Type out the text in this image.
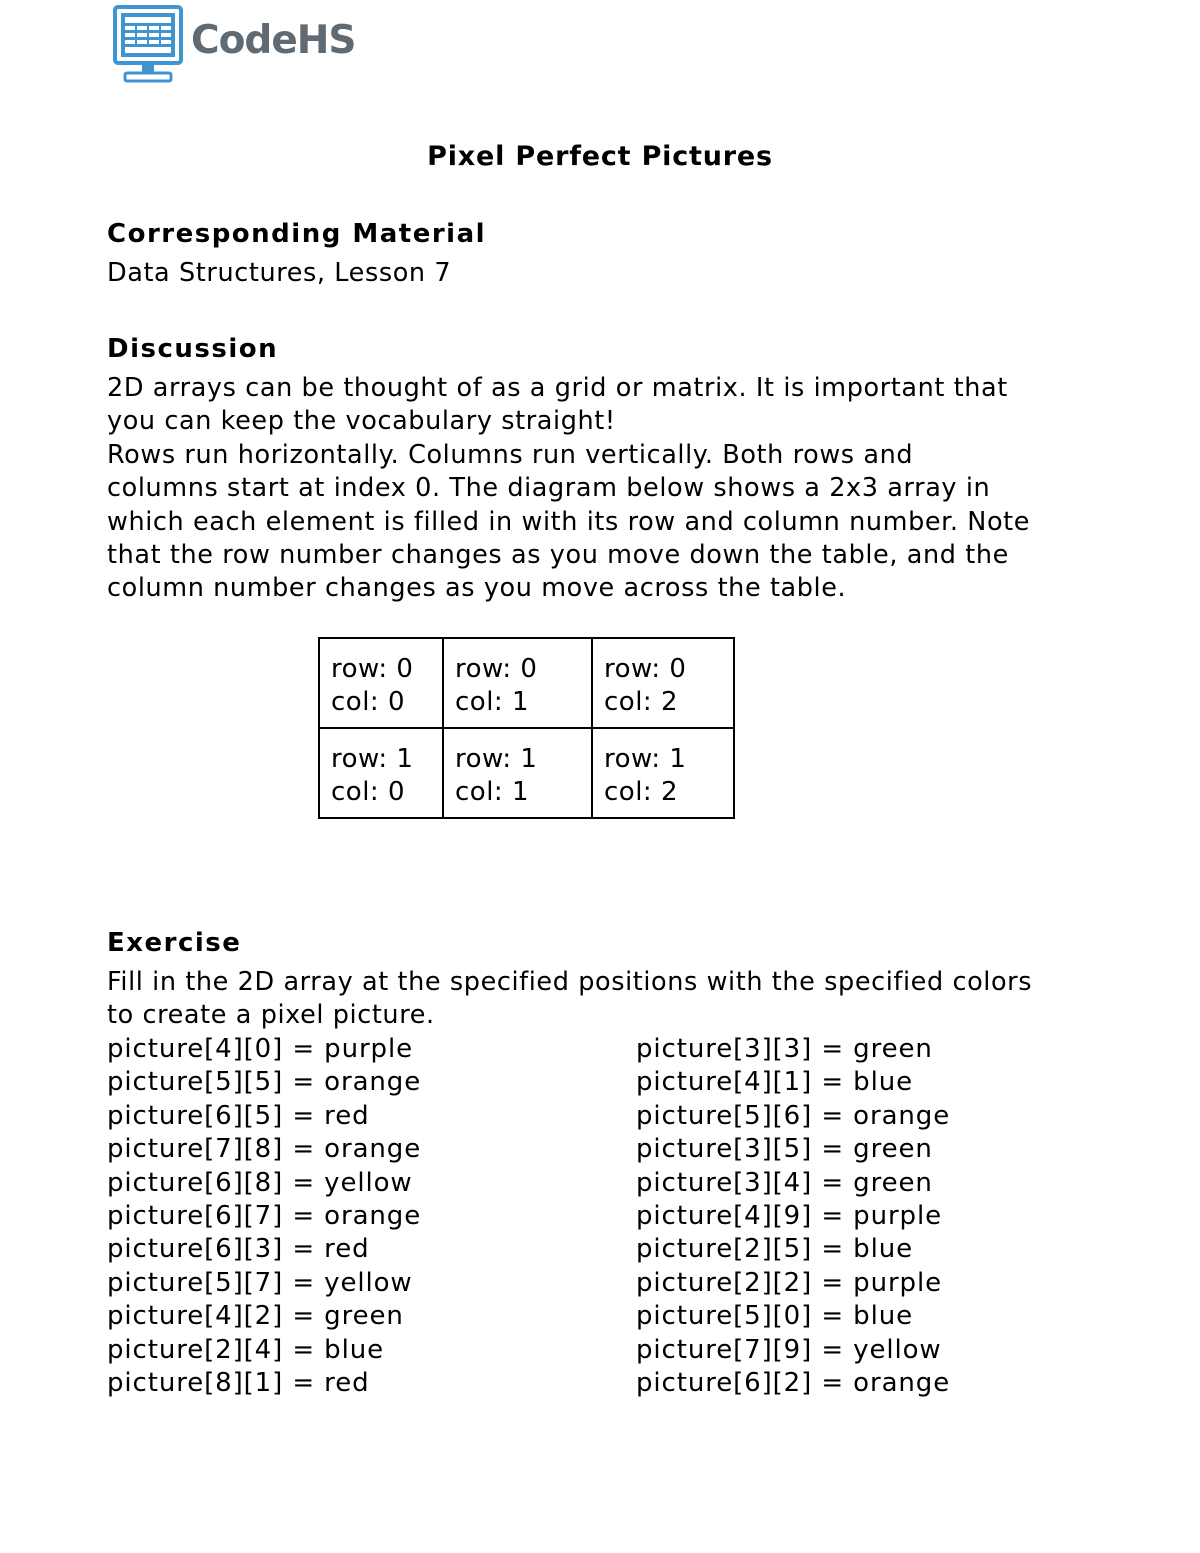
CodeHS
Pixel Perfect Pictures
Corresponding Material
Data Structures, Lesson 7
Discussion
2D arrays can be thought of as a grid or matrix. It is important that
you can keep the vocabulary straight!
Rows run horizontally. Columns run vertically. Both rows and
columns start at index 0. The diagram below shows a 2x3 array in
which each element is filled in with its row and column number. Note
that the row number changes as you move down the table, and the
column number changes as you move across the table.
row: 0
col: 0	row: 0
col: 1	row: 0
col: 2

row: 1
col: 0	row: 1
col: 1	row: 1
col: 2
Exercise
Fill in the 2D array at the specified positions with the specified colors
to create a pixel picture.
picture[4][0] = purple
picture[5][5] = orange
picture[6][5] = red
picture[7][8] = orange
picture[6][8] = yellow
picture[6][7] = orange
picture[6][3] = red
picture[5][7] = yellow
picture[4][2] = green
picture[2][4] = blue
picture[8][1] = red
picture[3][3] = green
picture[4][1] = blue
picture[5][6] = orange
picture[3][5] = green
picture[3][4] = green
picture[4][9] = purple
picture[2][5] = blue
picture[2][2] = purple
picture[5][0] = blue
picture[7][9] = yellow
picture[6][2] = orange
